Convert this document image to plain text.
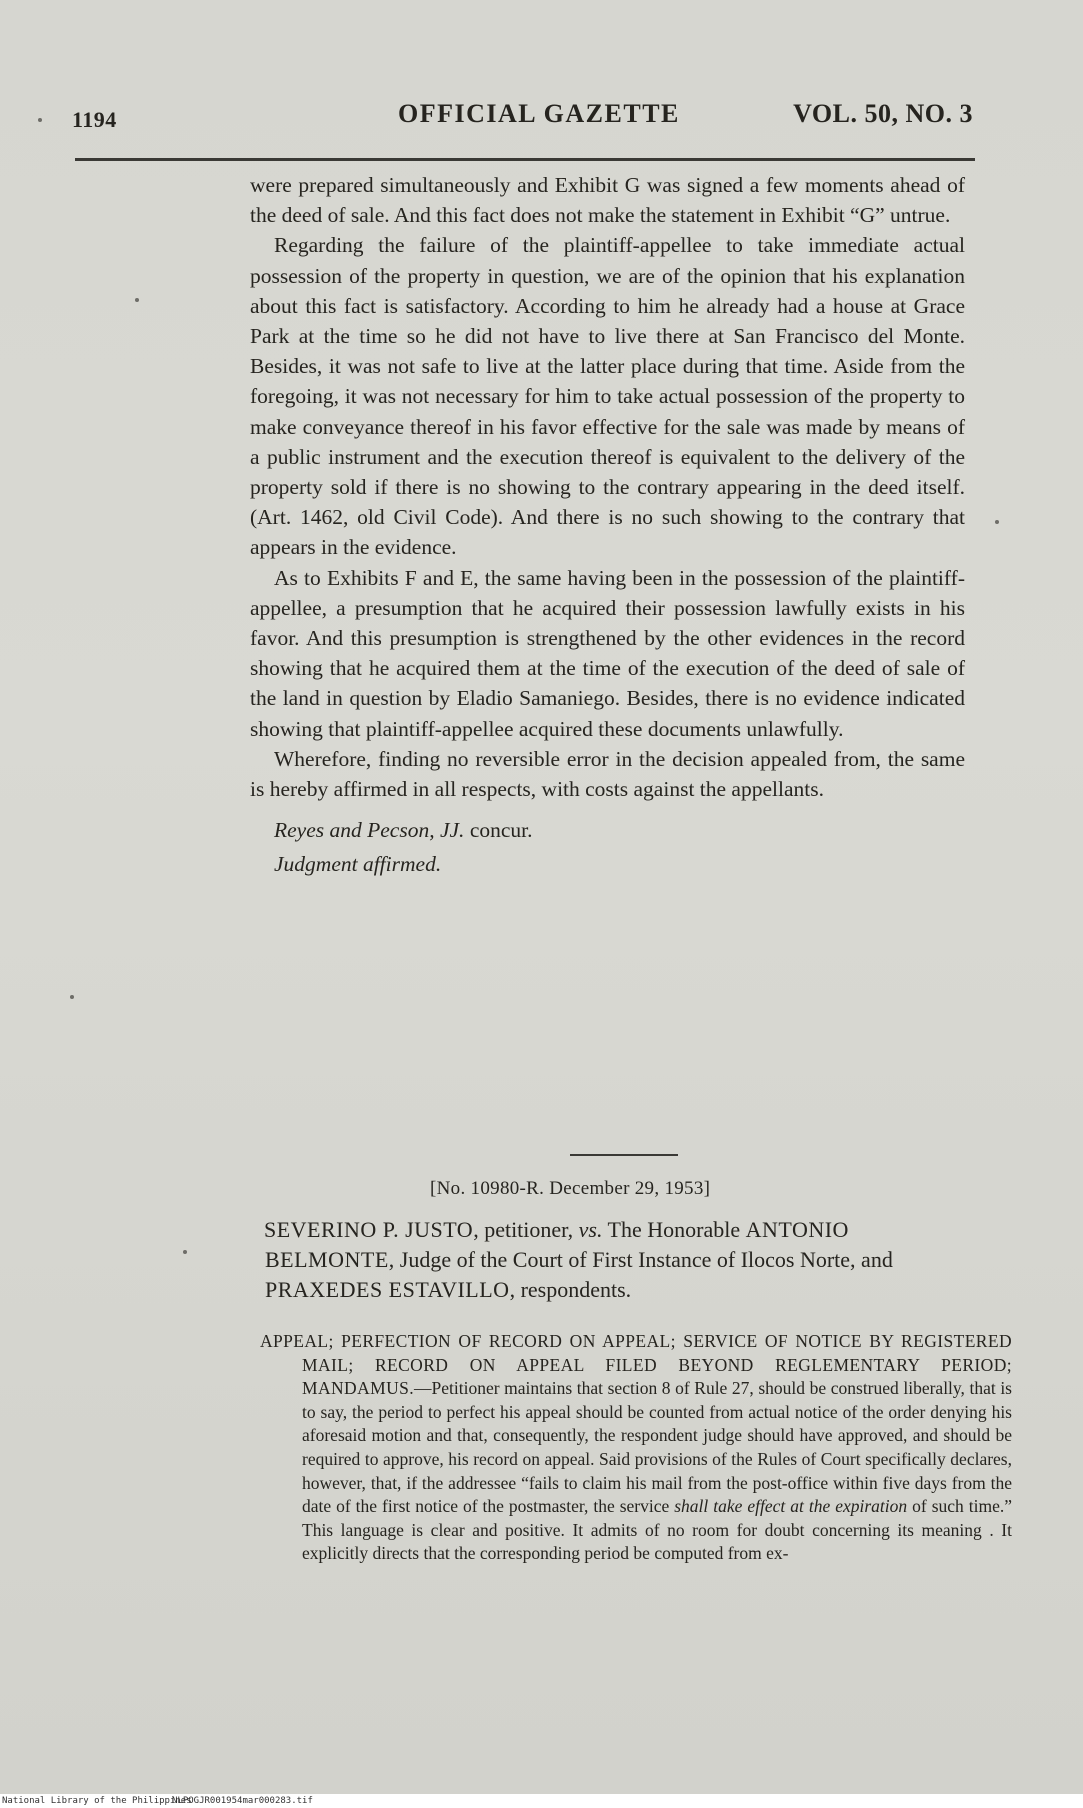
1194	OFFICIAL GAZETTE	VOL. 50, NO. 3

were prepared simultaneously and Exhibit G was signed a few moments ahead of the deed of sale. And this fact does not make the statement in Exhibit “G” untrue.

Regarding the failure of the plaintiff-appellee to take immediate actual possession of the property in question, we are of the opinion that his explanation about this fact is satisfactory. According to him he already had a house at Grace Park at the time so he did not have to live there at San Francisco del Monte. Besides, it was not safe to live at the latter place during that time. Aside from the foregoing, it was not necessary for him to take actual possession of the property to make conveyance thereof in his favor effective for the sale was made by means of a public instrument and the execution thereof is equivalent to the delivery of the property sold if there is no showing to the contrary appearing in the deed itself. (Art. 1462, old Civil Code). And there is no such showing to the contrary that appears in the evidence.

As to Exhibits F and E, the same having been in the possession of the plaintiff-appellee, a presumption that he acquired their possession lawfully exists in his favor. And this presumption is strengthened by the other evidences in the record showing that he acquired them at the time of the execution of the deed of sale of the land in question by Eladio Samaniego. Besides, there is no evidence indicated showing that plaintiff-appellee acquired these documents unlawfully.

Wherefore, finding no reversible error in the decision appealed from, the same is hereby affirmed in all respects, with costs against the appellants.

Reyes and Pecson, JJ. concur.

Judgment affirmed.

[No. 10980-R. December 29, 1953]
SEVERINO P. JUSTO, petitioner, vs. The Honorable ANTONIO BELMONTE, Judge of the Court of First Instance of Ilocos Norte, and PRAXEDES ESTAVILLO, respondents.
APPEAL; PERFECTION OF RECORD ON APPEAL; SERVICE OF NOTICE BY REGISTERED MAIL; RECORD ON APPEAL FILED BEYOND REGLEMENTARY PERIOD; MANDAMUS.—Petitioner maintains that section 8 of Rule 27, should be construed liberally, that is to say, the period to perfect his appeal should be counted from actual notice of the order denying his aforesaid motion and that, consequently, the respondent judge should have approved, and should be required to approve, his record on appeal. Said provisions of the Rules of Court specifically declares, however, that, if the addressee “fails to claim his mail from the post-office within five days from the date of the first notice of the postmaster, the service shall take effect at the expiration of such time.” This language is clear and positive. It admits of no room for doubt concerning its meaning . It explicitly directs that the corresponding period be computed from ex-
National Library of the Philippines
NLPOGJR001954mar000283.tif
